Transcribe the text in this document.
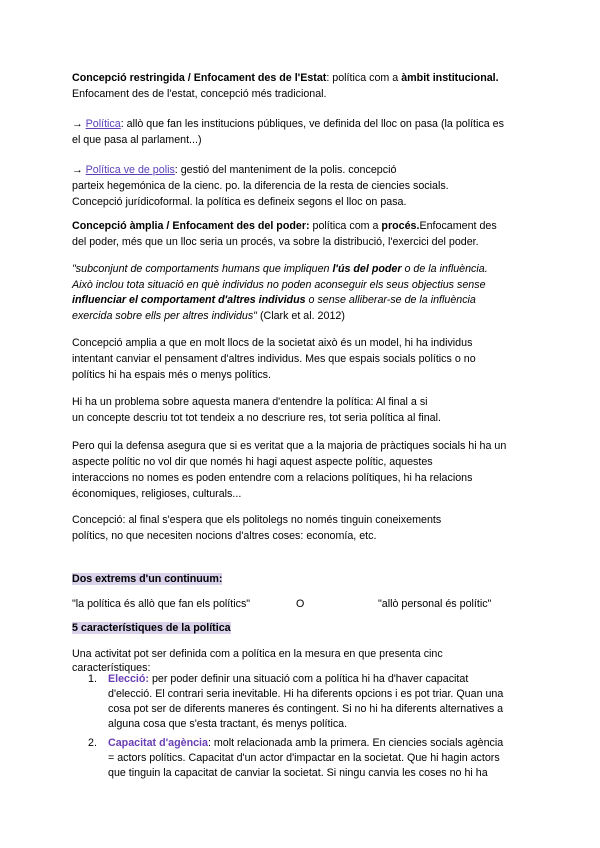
Concepció restringida / Enfocament des de l'Estat: política com a àmbit institucional.
Enfocament des de l'estat, concepció més tradicional.
→ Política: allò que fan les institucions públiques, ve definida del lloc on pasa (la política es
el que pasa al parlament...)
→ Política ve de polis: gestió del manteniment de la polis. concepció
parteix hegemónica de la cienc. po. la diferencia de la resta de ciencies socials.
Concepció jurídicoformal. la política es defineix segons el lloc on pasa.
Concepció àmplia / Enfocament des del poder: política com a procés.Enfocament des
del poder, més que un lloc seria un procés, va sobre la distribució, l'exercici del poder.
"subconjunt de comportaments humans que impliquen l'ús del poder o de la influència.
Això inclou tota situació en què individus no poden aconseguir els seus objectius sense
influenciar el comportament d'altres individus o sense alliberar-se de la influència
exercida sobre ells per altres individus" (Clark et al. 2012)
Concepció amplia a que en molt llocs de la societat això és un model, hi ha individus
intentant canviar el pensament d'altres individus. Mes que espais socials polítics o no
polítics hi ha espais més o menys polítics.
Hi ha un problema sobre aquesta manera d'entendre la política: Al final a si
un concepte descriu tot tot tendeix a no descriure res, tot seria política al final.
Pero qui la defensa asegura que si es veritat que a la majoria de pràctiques socials hi ha un
aspecte polític no vol dir que només hi hagi aquest aspecte polític, aquestes
interaccions no nomes es poden entendre com a relacions polítiques, hi ha relacions
économiques, religioses, culturals...
Concepció: al final s'espera que els politolegs no només tinguin coneixements
polítics, no que necesiten nocions d'altres coses: economía, etc.
Dos extrems d'un continuum:
"la política és allò que fan els polítics"	O	"allò personal és polític"
5 característiques de la política
Una activitat pot ser definida com a política en la mesura en que presenta cinc
característiques:
1. Elecció: per poder definir una situació com a política hi ha d'haver capacitat
d'elecció. El contrari seria inevitable. Hi ha diferents opcions i es pot triar. Quan una
cosa pot ser de diferents maneres és contingent. Si no hi ha diferents alternatives a
alguna cosa que s'esta tractant, és menys política.
2. Capacitat d'agència: molt relacionada amb la primera. En ciencies socials agència
= actors polítics. Capacitat d'un actor d'impactar en la societat. Que hi hagin actors
que tinguin la capacitat de canviar la societat. Si ningu canvia les coses no hi ha
